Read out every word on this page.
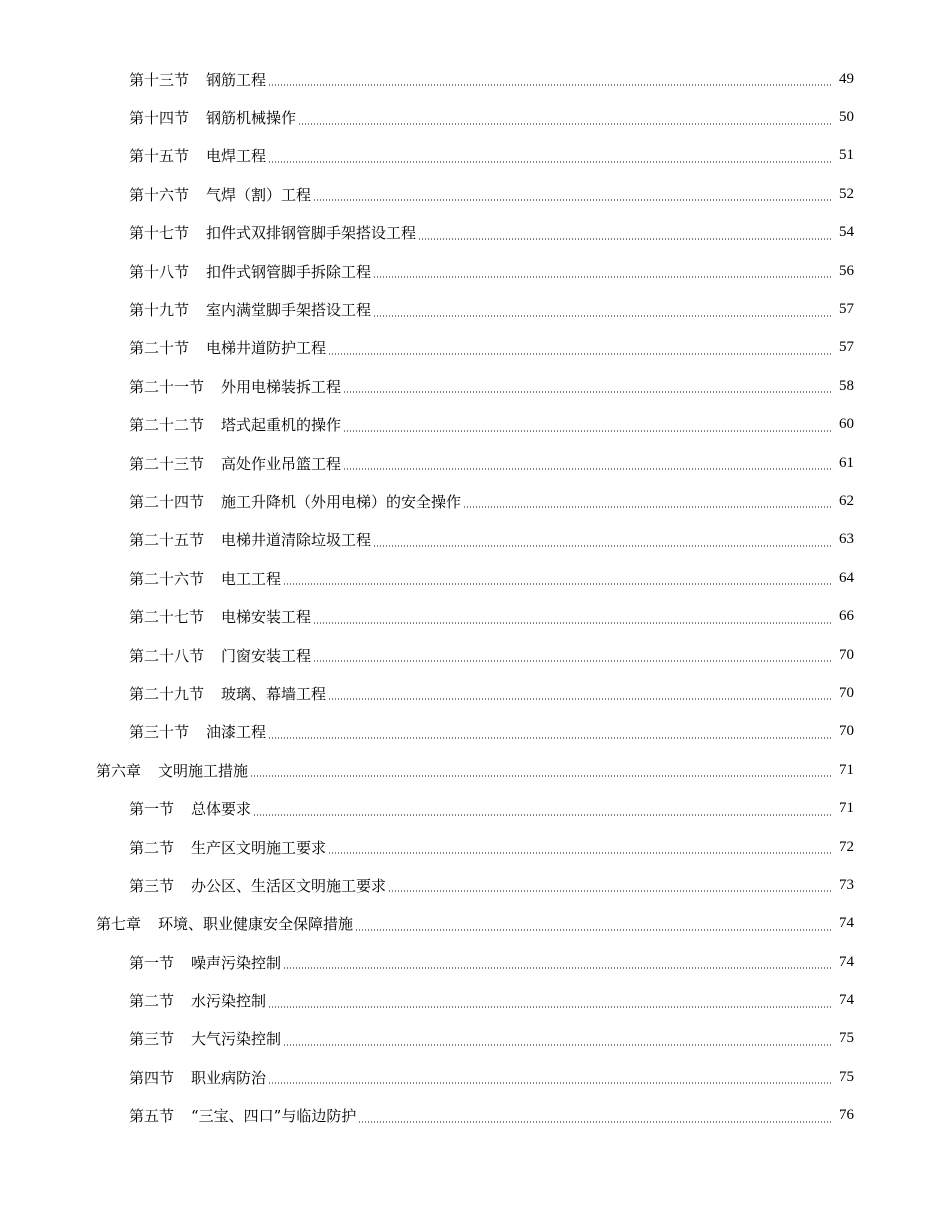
第十三节 钢筋工程	49
第十四节 钢筋机械操作	50
第十五节 电焊工程	51
第十六节 气焊（割）工程	52
第十七节 扣件式双排钢管脚手架搭设工程	54
第十八节 扣件式钢管脚手拆除工程	56
第十九节 室内满堂脚手架搭设工程	57
第二十节 电梯井道防护工程	57
第二十一节 外用电梯装拆工程	58
第二十二节 塔式起重机的操作	60
第二十三节 高处作业吊篮工程	61
第二十四节 施工升降机（外用电梯）的安全操作	62
第二十五节 电梯井道清除垃圾工程	63
第二十六节 电工工程	64
第二十七节 电梯安装工程	66
第二十八节 门窗安装工程	70
第二十九节 玻璃、幕墙工程	70
第三十节 油漆工程	70
第六章 文明施工措施	71
第一节 总体要求	71
第二节 生产区文明施工要求	72
第三节 办公区、生活区文明施工要求	73
第七章 环境、职业健康安全保障措施	74
第一节 噪声污染控制	74
第二节 水污染控制	74
第三节 大气污染控制	75
第四节 职业病防治	75
第五节 “三宝、四口”与临边防护	76
